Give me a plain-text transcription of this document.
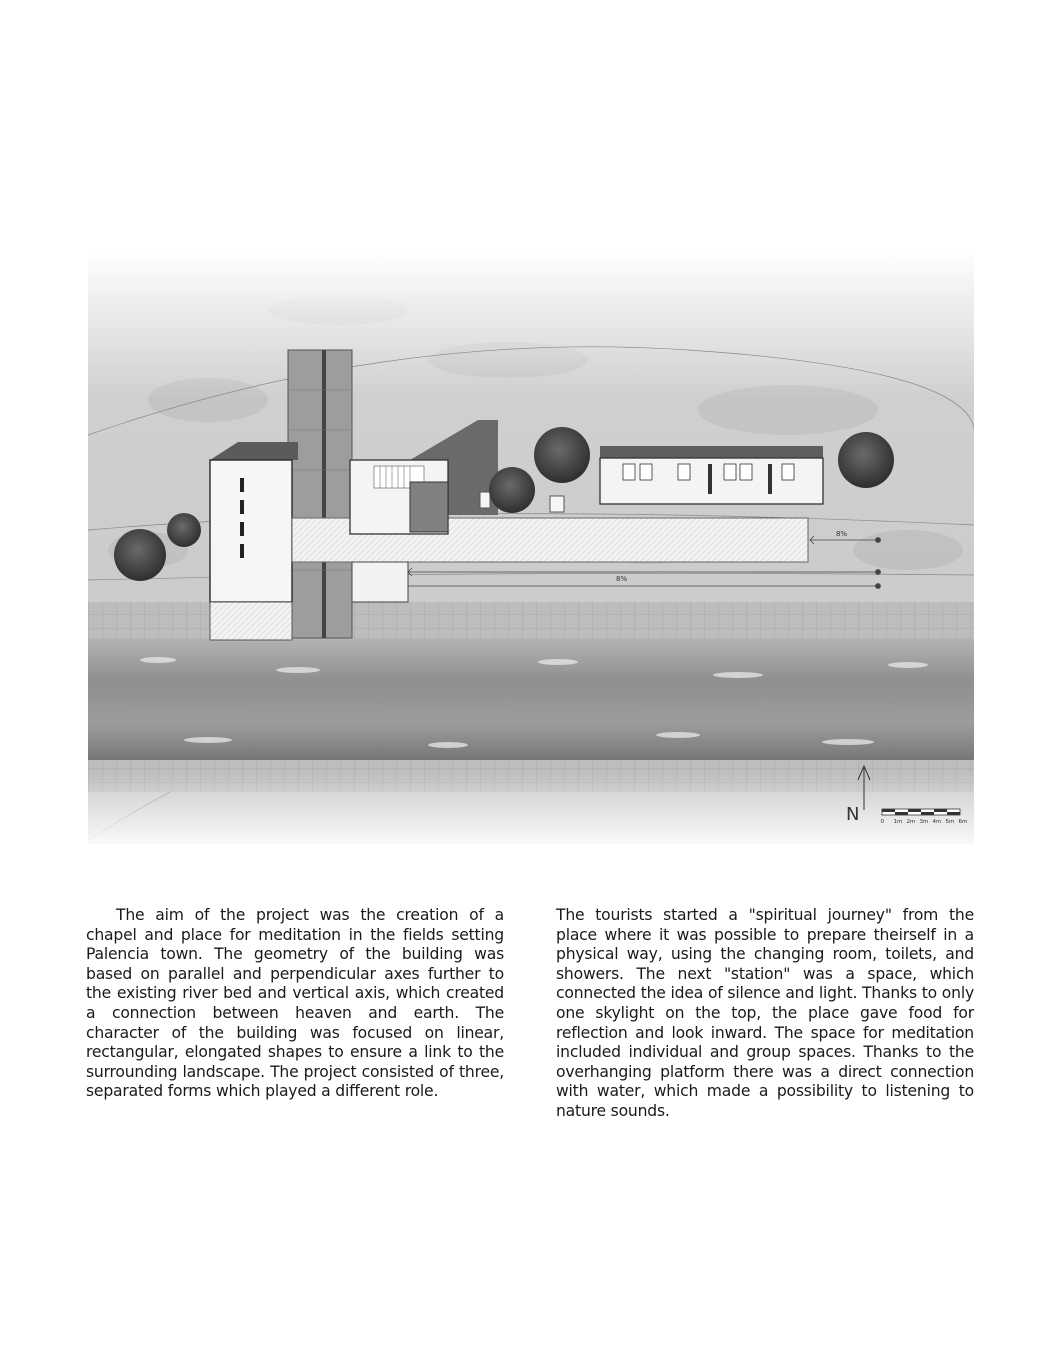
8%
8%
N	0 1m 2m 3m 4m 5m 6m
The aim of the project was the creation of a chapel and place for meditation in the fields setting Palencia town. The geometry of the building was based on parallel and perpendicular axes further to the existing river bed and vertical axis, which created a connection between heaven and earth. The character of the building was focused on linear, rectangular, elongated shapes to ensure a link to the surrounding landscape. The project consisted of three, separated forms which played a different role.
The tourists started a "spiritual journey" from the place where it was possible to prepare theirself in a physical way, using the changing room, toilets, and showers. The next "station" was a space, which connected the idea of silence and light. Thanks to only one skylight on the top, the place gave food for reflection and look inward. The space for meditation included individual and group spaces. Thanks to the overhanging platform there was a direct connection with water, which made a possibility to listening to nature sounds.
